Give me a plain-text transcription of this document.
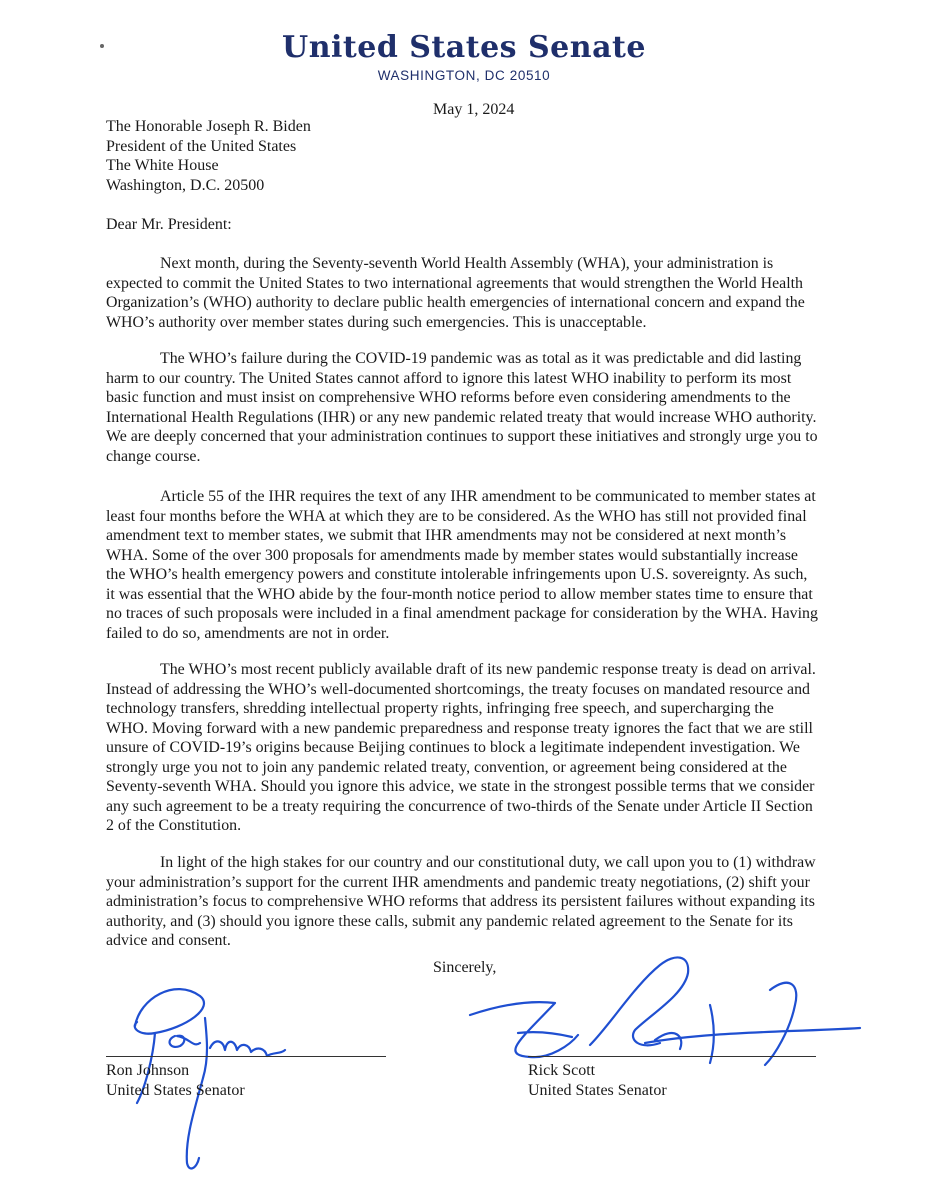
United States Senate
WASHINGTON, DC 20510
May 1, 2024
The Honorable Joseph R. Biden
President of the United States
The White House
Washington, D.C. 20500
Dear Mr. President:

Next month, during the Seventy-seventh World Health Assembly (WHA), your administration is expected to commit the United States to two international agreements that would strengthen the World Health Organization’s (WHO) authority to declare public health emergencies of international concern and expand the WHO’s authority over member states during such emergencies. This is unacceptable.

The WHO’s failure during the COVID-19 pandemic was as total as it was predictable and did lasting harm to our country. The United States cannot afford to ignore this latest WHO inability to perform its most basic function and must insist on comprehensive WHO reforms before even considering amendments to the International Health Regulations (IHR) or any new pandemic related treaty that would increase WHO authority. We are deeply concerned that your administration continues to support these initiatives and strongly urge you to change course.

Article 55 of the IHR requires the text of any IHR amendment to be communicated to member states at least four months before the WHA at which they are to be considered. As the WHO has still not provided final amendment text to member states, we submit that IHR amendments may not be considered at next month’s WHA. Some of the over 300 proposals for amendments made by member states would substantially increase the WHO’s health emergency powers and constitute intolerable infringements upon U.S. sovereignty. As such, it was essential that the WHO abide by the four-month notice period to allow member states time to ensure that no traces of such proposals were included in a final amendment package for consideration by the WHA. Having failed to do so, amendments are not in order.

The WHO’s most recent publicly available draft of its new pandemic response treaty is dead on arrival. Instead of addressing the WHO’s well-documented shortcomings, the treaty focuses on mandated resource and technology transfers, shredding intellectual property rights, infringing free speech, and supercharging the WHO. Moving forward with a new pandemic preparedness and response treaty ignores the fact that we are still unsure of COVID-19’s origins because Beijing continues to block a legitimate independent investigation. We strongly urge you not to join any pandemic related treaty, convention, or agreement being considered at the Seventy-seventh WHA. Should you ignore this advice, we state in the strongest possible terms that we consider any such agreement to be a treaty requiring the concurrence of two-thirds of the Senate under Article II Section 2 of the Constitution.

In light of the high stakes for our country and our constitutional duty, we call upon you to (1) withdraw your administration’s support for the current IHR amendments and pandemic treaty negotiations, (2) shift your administration’s focus to comprehensive WHO reforms that address its persistent failures without expanding its authority, and (3) should you ignore these calls, submit any pandemic related agreement to the Senate for its advice and consent.

Sincerely,
Ron Johnson
United States Senator
Rick Scott
United States Senator
